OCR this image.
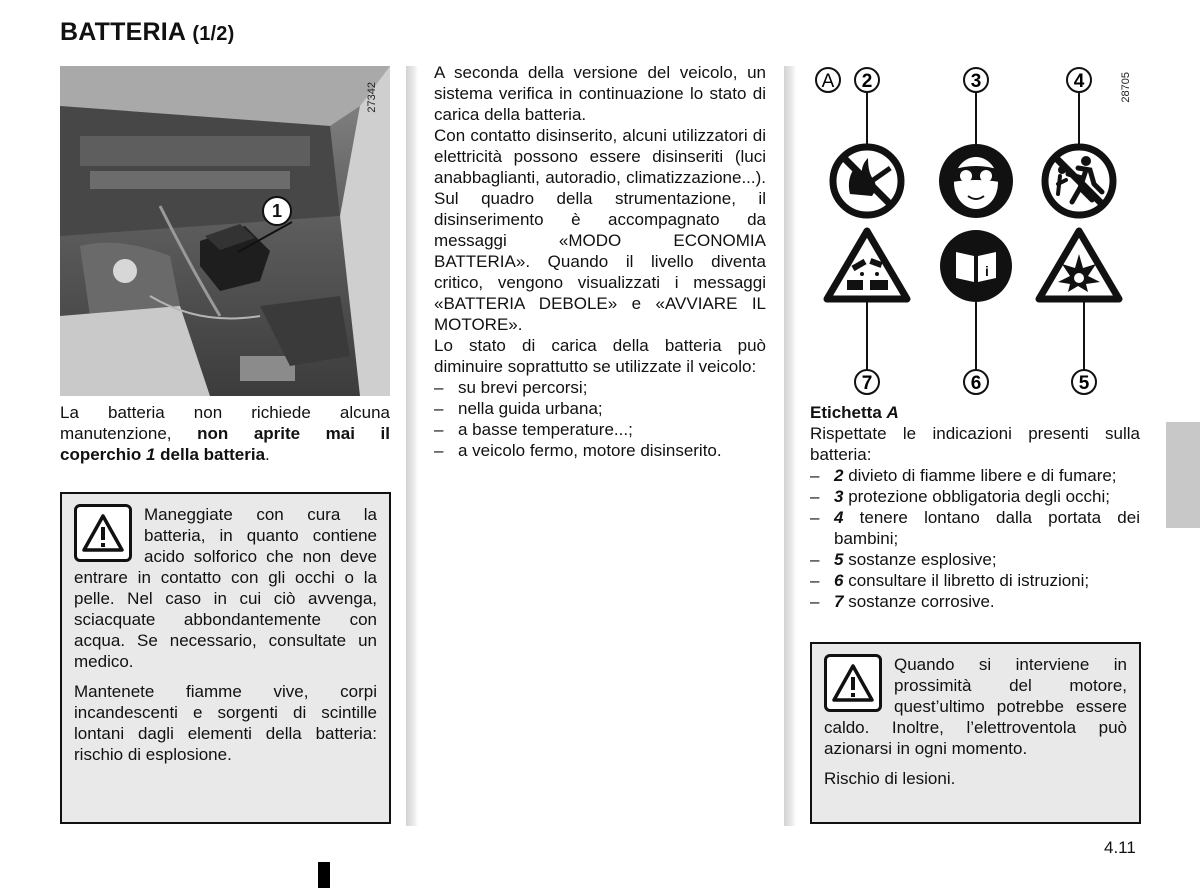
BATTERIA (1/2)
27342
1
La batteria non richiede alcuna manutenzione, non aprite mai il coperchio 1 della batteria.

Maneggiate con cura la batteria, in quanto contiene acido solforico che non deve entrare in contatto con gli occhi o la pelle. Nel caso in cui ciò avvenga, sciacquate abbondantemente con acqua. Se necessario, consultate un medico.

Mantenete fiamme vive, corpi incandescenti e sorgenti di scintille lontani dagli elementi della batteria: rischio di esplosione.

A seconda della versione del veicolo, un sistema verifica in continuazione lo stato di carica della batteria.

Con contatto disinserito, alcuni utilizzatori di elettricità possono essere disinseriti (luci anabbaglianti, autoradio, climatizzazione...). Sul quadro della strumentazione, il disinserimento è accompagnato da messaggi «MODO ECONOMIA BATTERIA». Quando il livello diventa critico, vengono visualizzati i messaggi «BATTERIA DEBOLE» e «AVVIARE IL MOTORE».

Lo stato di carica della batteria può diminuire soprattutto se utilizzate il veicolo:

– su brevi percorsi;
– nella guida urbana;
– a basse temperature...;
– a veicolo fermo, motore disinserito.
A 2	3	4
i
7	6	5
28705

Etichetta A

Rispettate le indicazioni presenti sulla batteria:

– 2 divieto di fiamme libere e di fumare;
– 3 protezione obbligatoria degli occhi;
– 4 tenere lontano dalla portata dei bambini;
– 5 sostanze esplosive;
– 6 consultare il libretto di istruzioni;
– 7 sostanze corrosive.

Quando si interviene in prossimità del motore, quest’ultimo potrebbe essere caldo. Inoltre, l’elettroventola può azionarsi in ogni momento.

Rischio di lesioni.

4.11
